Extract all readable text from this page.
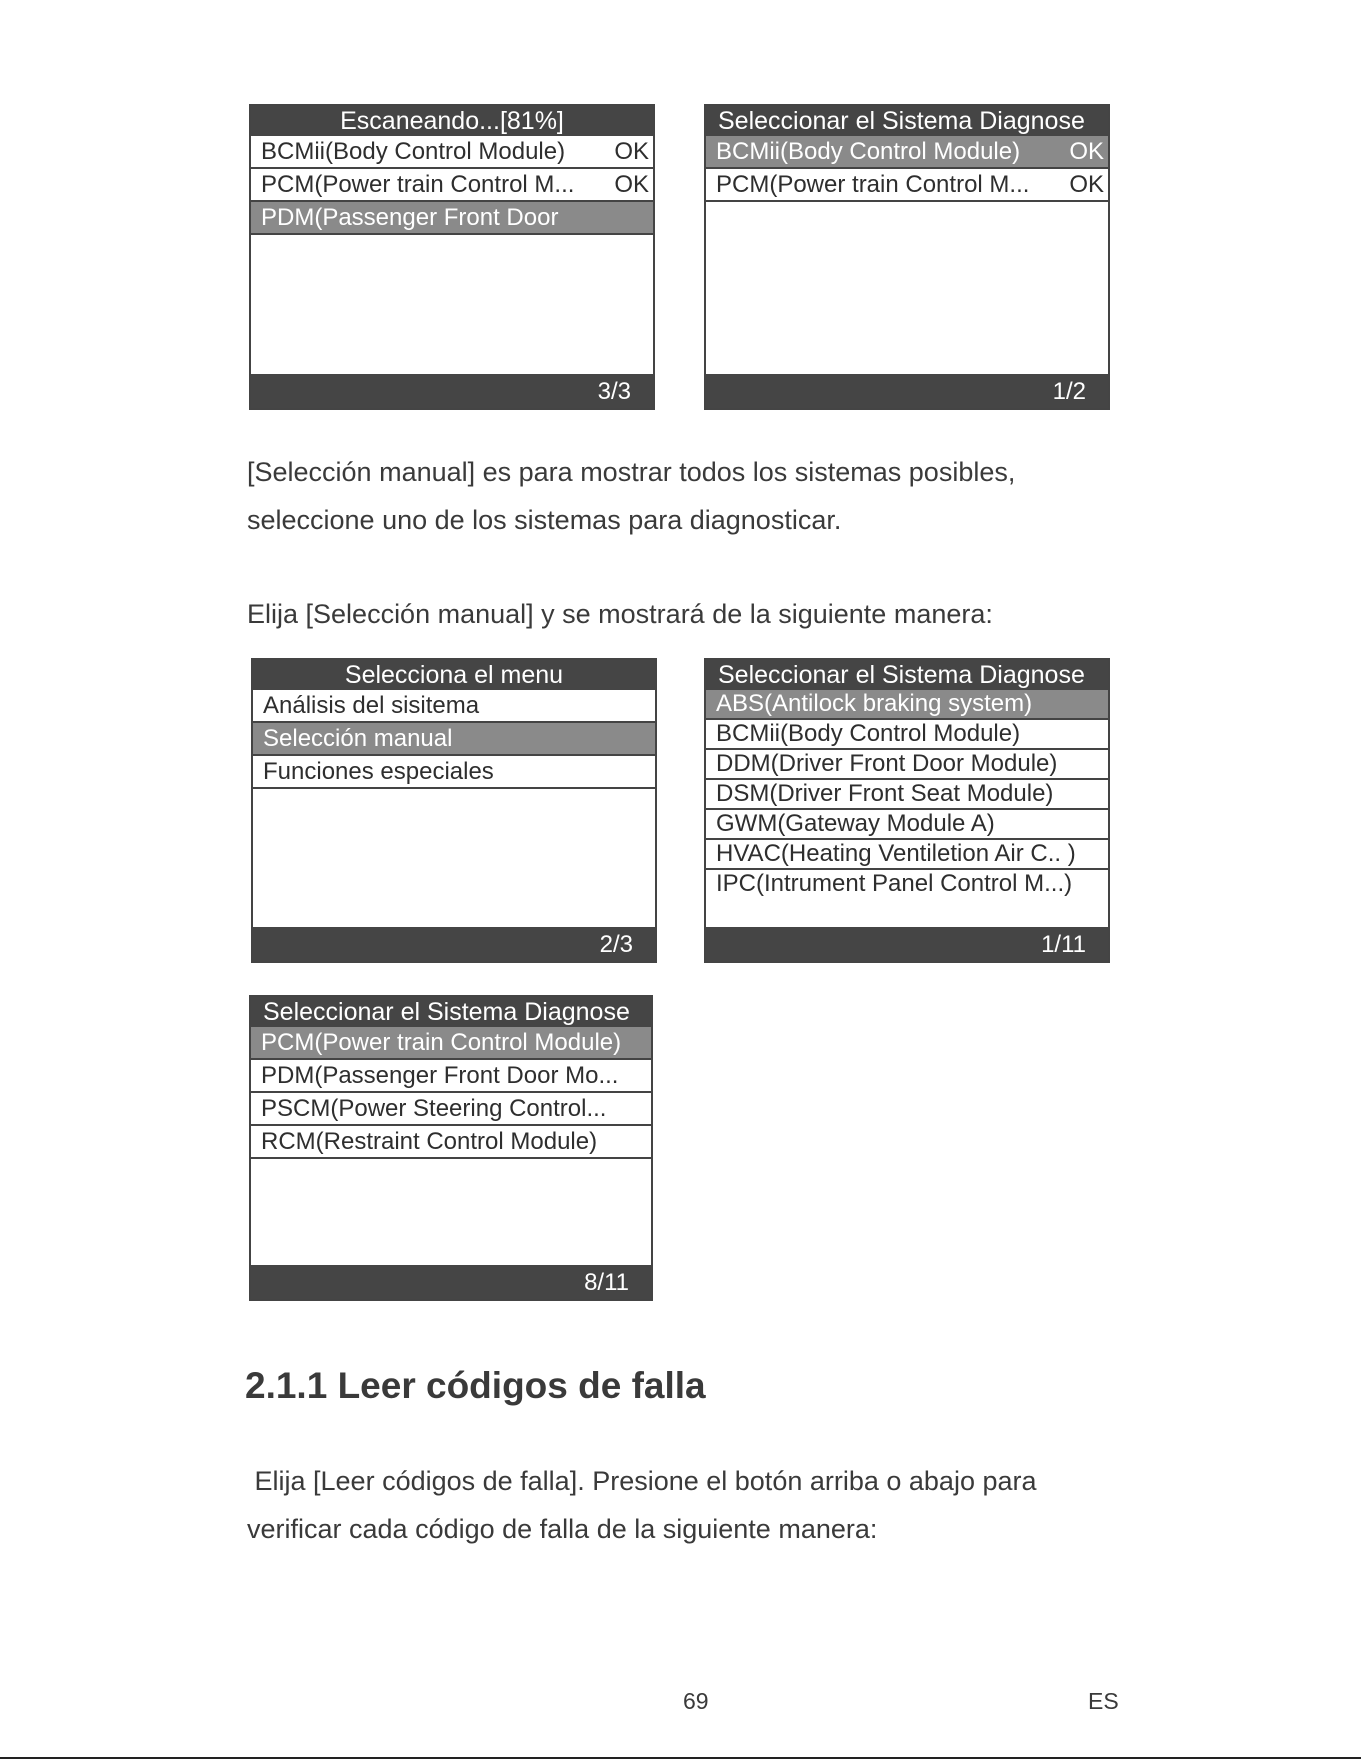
Escaneando...[81%]
BCMii(Body Control Module) OK
PCM(Power train Control M... OK
PDM(Passenger Front Door
3/3
Seleccionar el Sistema Diagnose
BCMii(Body Control Module) OK
PCM(Power train Control M... OK
1/2

[Selección manual] es para mostrar todos los sistemas posibles,

seleccione uno de los sistemas para diagnosticar.

Elija [Selección manual] y se mostrará de la siguiente manera:

Selecciona el menu
Análisis del sisitema
Selección manual
Funciones especiales
2/3
Seleccionar el Sistema Diagnose
ABS(Antilock braking system)
BCMii(Body Control Module)
DDM(Driver Front Door Module)
DSM(Driver Front Seat Module)
GWM(Gateway Module A)
HVAC(Heating Ventiletion Air C.. )
IPC(Intrument Panel Control M...)
1/11
Seleccionar el Sistema Diagnose
PCM(Power train Control Module)
PDM(Passenger Front Door Mo...
PSCM(Power Steering Control...
RCM(Restraint Control Module)
8/11
2.1.1 Leer códigos de falla

Elija [Leer códigos de falla]. Presione el botón arriba o abajo para

verificar cada código de falla de la siguiente manera:

69	ES
